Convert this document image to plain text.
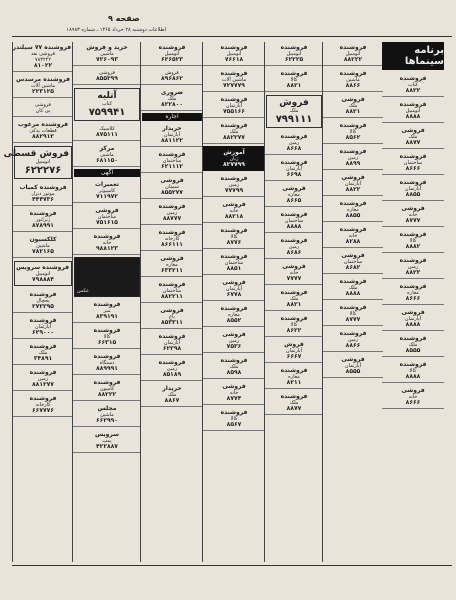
صفحه ۹
اطلاعات دوشنبه ۲۸ خرداد ۱۳۶۵ ـ شماره ۱۸۹۸۳
فروشنده ۷۷ سیلندر
فروشی نقد
۷۸۳۲۲۲
۸۱۰۲۲
فروشنده مرسدس
ماشین آلات
۲۲۳۱۲۵
فروشی
پی کان
فروشنده مرغوب
قطعات یدکی
۸۸۲۹۱۲
فروش قسطی
اتومبیل
۶۲۲۲۷۶
فروشنده کمیاب
موتور دیزل
۴۴۴۷۳۶
فروشنده
ژنراتور
۸۷۸۹۹۱
کلکسیون
ماشین
۷۸۲۱۶۵
فروشنده سرویس
اتومبیل
۷۹۸۸۸۴
فروشنده
یخچال
۲۷۲۲۹۵
فروشنده
آپارتمان
۶۲۹۰۰۰
فروشنده
ملک
۳۴۸۹۱
فروشنده
زمین
۸۸۱۲۷۷
فروشنده
کارخانه
۶۶۷۷۷۶
خرید و فروش
ماشین
۷۲۶۰۹۳
فروشی
۸۵۵۲۹۹
آتلیه
کتاب
۷۵۹۹۴۱
کلاسیک
۸۷۵۱۱۱
مرکز
ماشین
۶۸۱۱۵۰
آگهی
تعمیرات
کامپیوتر
۷۱۱۹۷۲
فروشی
ساختمان
۷۵۱۶۱۵
فروشنده
خانه
۹۸۸۱۲۳
عکس
فروشنده
میز
۸۳۹۱۹۱
فروشنده
کالا
۶۶۳۱۵
فروشنده
دستگاه
۸۸۹۹۹۱
فروشنده
کامیون
۸۸۲۲۲
مجلس
ماشین
۶۶۲۹۹۰
سرویس
پمپ
۴۲۲۸۸۷
فروشنده
اتومبیل
۶۲۶۵۲۳
فروش
۸۹۶۸۶۲
ضروری
ملک
۸۲۲۸۰۰
اجاره
خریدار
آپارتمان
۸۸۱۱۲۲
فروشنده
ساختمان
۶۲۱۱۱۲
فروشی
سیمان
۸۵۵۲۷۷
فروشنده
زمین
۸۸۷۷۷
فروشنده
کارخانه
۸۶۶۱۱۱
فروشی
مغازه
۶۳۳۲۱۱
فروشنده
ساختمان
۸۸۲۲۱۱
فروشی
باغ
۸۵۳۳۱۱
فروشنده
آپارتمان
۶۲۲۹۸
فروشنده
زمین
۸۵۱۸۹
خریدار
ملک
۸۸۶۷
فروشنده
اتومبیل
۷۶۶۱۸
فروشنده
ماشین آلات
۷۲۷۷۷۹
فروشنده
آپارتمان
۷۵۵۱۶۶
فروشنده
ملک
۸۸۲۲۷۷
آموزش
زبان
۸۲۷۷۹۹
فروشنده
زمین
۷۷۷۹۹
فروشی
خانه
۸۸۲۱۸
فروشنده
کالا
۸۷۷۶
فروشنده
ساختمان
۸۸۵۱
فروشی
آپارتمان
۶۷۷۸
فروشنده
مغازه
۸۵۵۲
فروشی
زمین
۷۵۳۶
فروشنده
ملک
۸۵۹۸
فروشی
خانه
۸۷۷۴
فروشنده
کالا
۸۵۶۷
فروشنده
اتومبیل
۶۲۲۲۵
فروشنده
کالا
۸۸۲۱
فروش
ملک
۷۹۹۱۱۱
فروشنده
زمین
۸۶۶۸
فروشنده
آپارتمان
۶۶۹۸
فروشی
مغازه
۸۶۶۵
فروشنده
ساختمان
۸۸۸۸
فروشنده
زمین
۸۶۸۶
فروشی
خانه
۷۷۷۷
فروشنده
ملک
۸۸۲۱
فروشنده
کالا
۸۶۲۲
فروش
آپارتمان
۶۶۶۷
فروشنده
مغازه
۸۲۱۱
فروشنده
ملک
۸۸۷۷
فروشنده
اتومبیل
۸۸۲۲۲
فروشنده
ماشین
۸۸۶۶
فروشی
ملک
۸۸۲۱
فروشنده
کالا
۸۵۶۲
فروشنده
زمین
۸۸۹۹
فروشی
آپارتمان
۸۸۲۲
فروشنده
مغازه
۸۸۵۵
فروشنده
خانه
۸۲۸۸
فروشی
ساختمان
۸۶۸۲
فروشنده
ملک
۸۸۸۸
فروشنده
کالا
۸۷۷۷
فروشنده
زمین
۸۸۶۶
فروشی
آپارتمان
۸۵۵۵
برنامه سینماها
فروشنده
کتاب
۸۸۲۲
فروشنده
اتومبیل
۸۸۸۸
فروشی
ملک
۸۸۷۷
فروشنده
ساختمان
۸۶۶۶
فروشنده
آپارتمان
۸۸۵۵
فروشی
خانه
۸۷۷۷
فروشنده
کالا
۸۸۸۲
فروشنده
زمین
۸۸۲۲
فروشنده
مغازه
۸۶۶۶
فروشی
آپارتمان
۸۸۸۸
فروشنده
ملک
۸۵۵۵
فروشنده
کالا
۸۸۸۸
فروشی
خانه
۸۶۶۶
